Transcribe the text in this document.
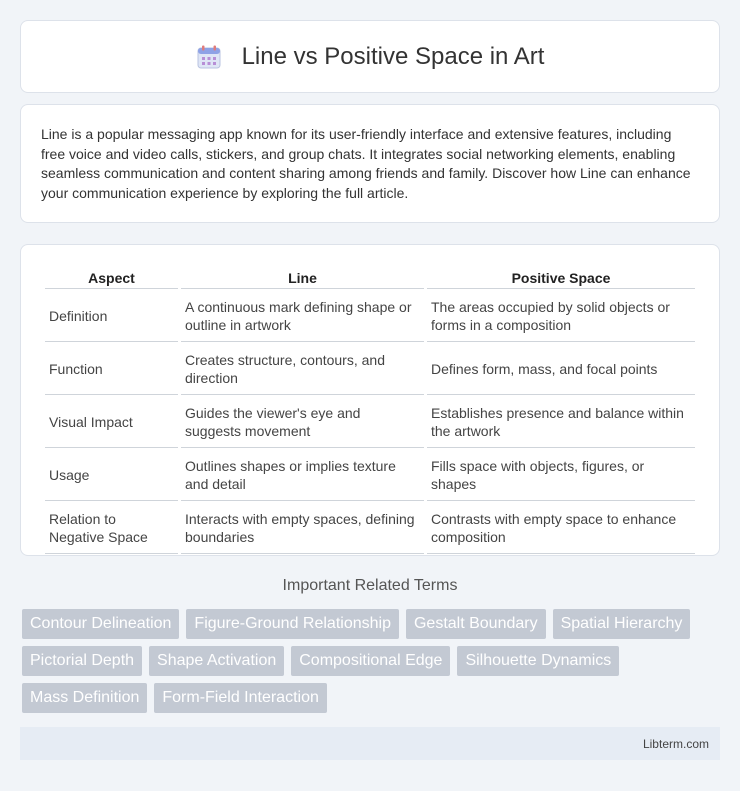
Line vs Positive Space in Art

Line is a popular messaging app known for its user-friendly interface and extensive features, including free voice and video calls, stickers, and group chats. It integrates social networking elements, enabling seamless communication and content sharing among friends and family. Discover how Line can enhance your communication experience by exploring the full article.

Aspect	Line	Positive Space
Definition	A continuous mark defining shape or outline in artwork	The areas occupied by solid objects or forms in a composition
Function	Creates structure, contours, and direction	Defines form, mass, and focal points
Visual Impact	Guides the viewer's eye and suggests movement	Establishes presence and balance within the artwork
Usage	Outlines shapes or implies texture and detail	Fills space with objects, figures, or shapes
Relation to Negative Space	Interacts with empty spaces, defining boundaries	Contrasts with empty space to enhance composition
Important Related Terms
Contour Delineation	Figure-Ground Relationship	Gestalt Boundary	Spatial Hierarchy
Pictorial Depth	Shape Activation	Compositional Edge	Silhouette Dynamics
Mass Definition	Form-Field Interaction
Libterm.com
